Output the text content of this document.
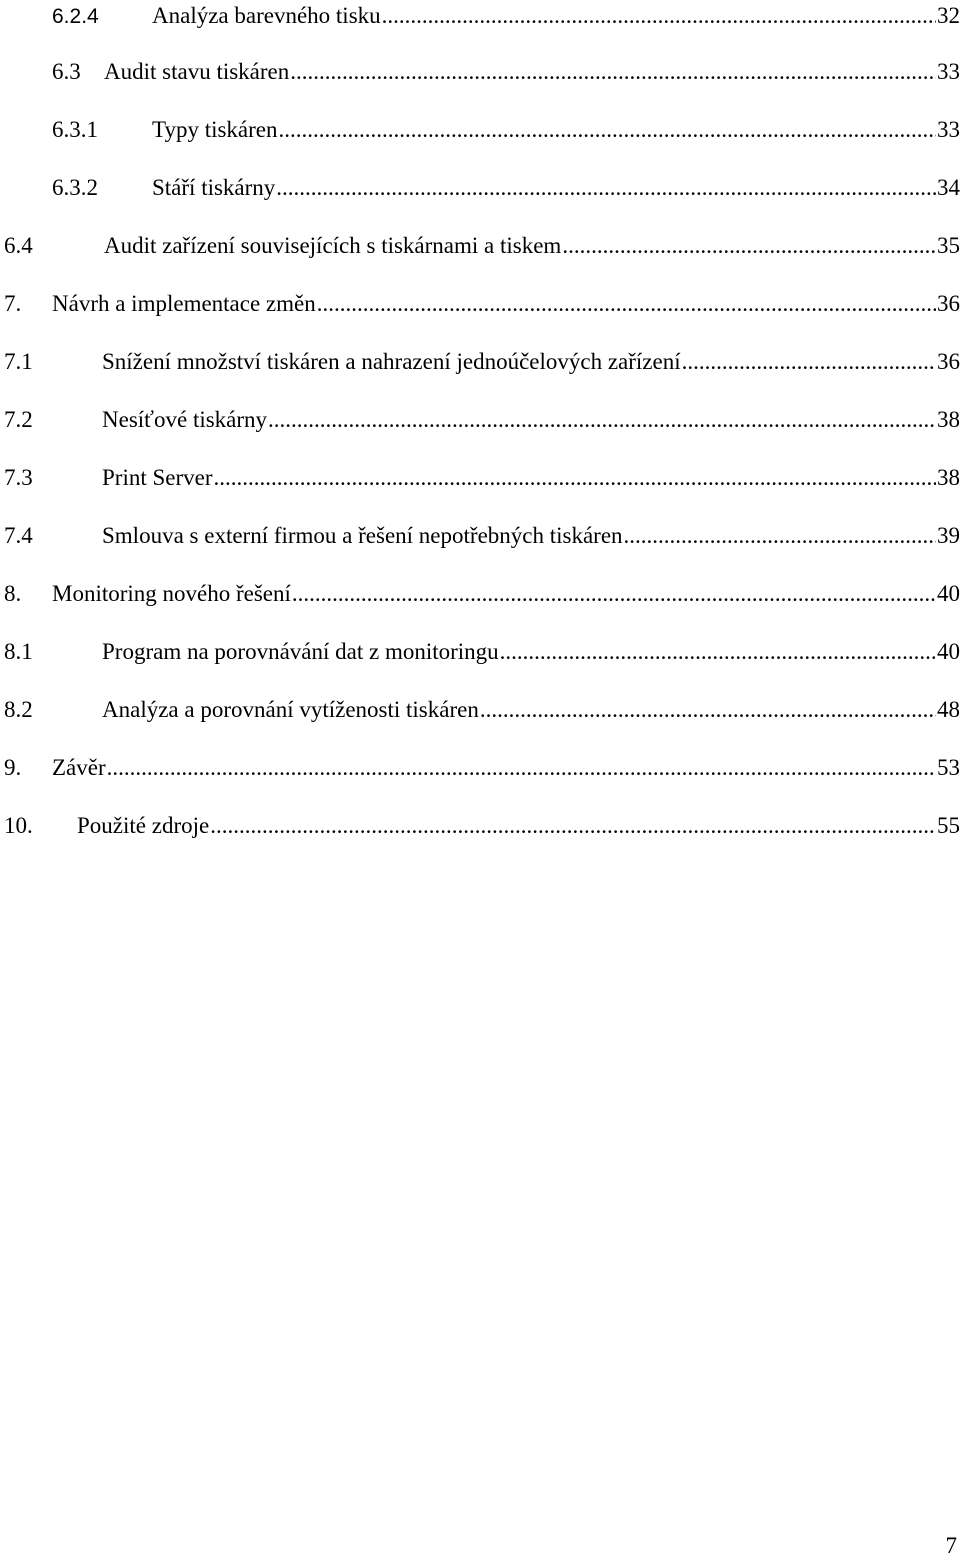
6.2.4	Analýza barevného tisku .....	32
6.3	Audit stavu tiskáren .....	33
6.3.1	Typy tiskáren .....	33
6.3.2	Stáří tiskárny .....	34
6.4	Audit zařízení souvisejících s tiskárnami a tiskem .....	35
7.	Návrh a implementace změn .....	36
7.1	Snížení množství tiskáren a nahrazení jednoúčelových zařízení .....	36
7.2	Nesíťové tiskárny .....	38
7.3	Print Server .....	38
7.4	Smlouva s externí firmou a řešení nepotřebných tiskáren .....	39
8.	Monitoring nového řešení .....	40
8.1	Program na porovnávání dat z monitoringu .....	40
8.2	Analýza a porovnání vytíženosti tiskáren .....	48
9.	Závěr .....	53
10.	Použité zdroje .....	55
7
